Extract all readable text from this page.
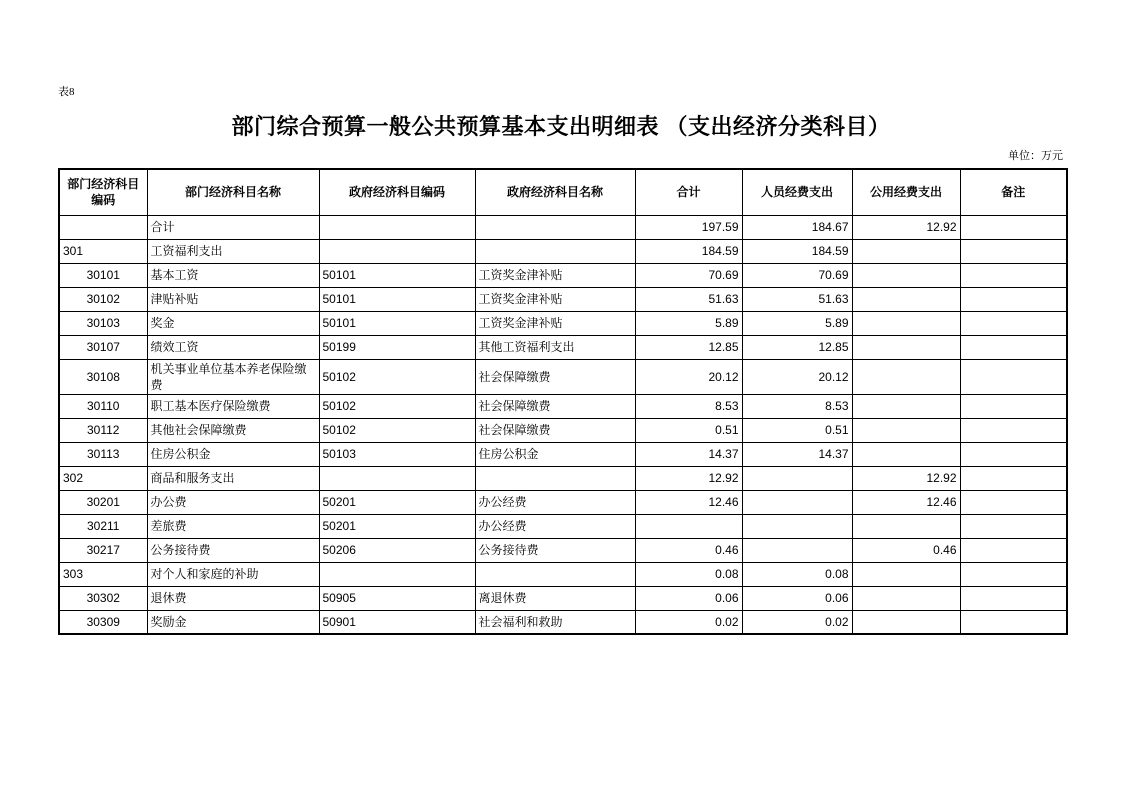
表8
部门综合预算一般公共预算基本支出明细表 （支出经济分类科目）
单位：万元
部门经济科目编码	部门经济科目名称	政府经济科目编码	政府经济科目名称	合计	人员经费支出	公用经费支出	备注
	合计			197.59	184.67	12.92	
301	工资福利支出			184.59	184.59		
30101	基本工资	50101	工资奖金津补贴	70.69	70.69		
30102	津贴补贴	50101	工资奖金津补贴	51.63	51.63		
30103	奖金	50101	工资奖金津补贴	5.89	5.89		
30107	绩效工资	50199	其他工资福利支出	12.85	12.85		
30108	机关事业单位基本养老保险缴费	50102	社会保障缴费	20.12	20.12		
30110	职工基本医疗保险缴费	50102	社会保障缴费	8.53	8.53		
30112	其他社会保障缴费	50102	社会保障缴费	0.51	0.51		
30113	住房公积金	50103	住房公积金	14.37	14.37		
302	商品和服务支出			12.92		12.92	
30201	办公费	50201	办公经费	12.46		12.46	
30211	差旅费	50201	办公经费				
30217	公务接待费	50206	公务接待费	0.46		0.46	
303	对个人和家庭的补助			0.08	0.08		
30302	退休费	50905	离退休费	0.06	0.06		
30309	奖励金	50901	社会福利和救助	0.02	0.02		
